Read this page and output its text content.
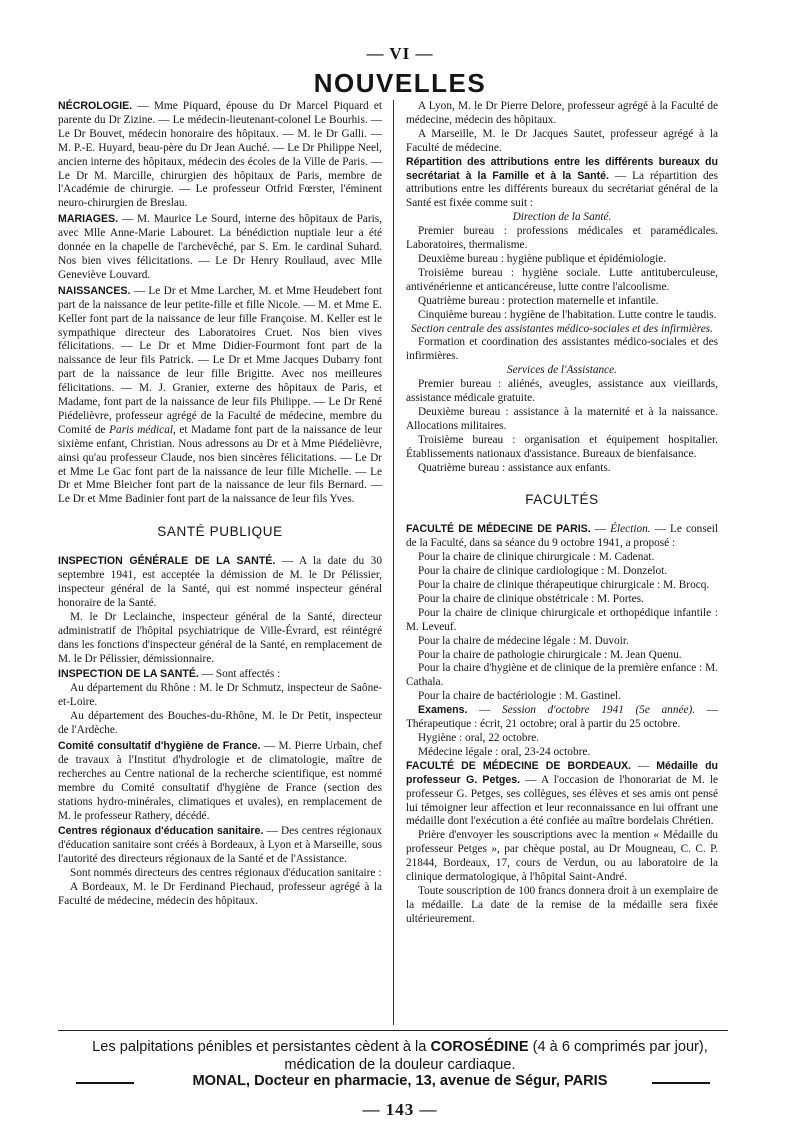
— VI —
NOUVELLES

NÉCROLOGIE. — Mme Piquard, épouse du Dr Marcel Piquard et parente du Dr Zizine. — Le médecin-lieutenant-colonel Le Bourhis. — Le Dr Bouvet, médecin honoraire des hôpitaux. — M. le Dr Galli. — M. P.-E. Huyard, beau-père du Dr Jean Auché. — Le Dr Philippe Neel, ancien interne des hôpitaux, médecin des écoles de la Ville de Paris. — Le Dr M. Marcille, chirurgien des hôpitaux de Paris, membre de l'Académie de chirurgie. — Le professeur Otfrid Fœrster, l'éminent neuro-chirurgien de Breslau.

MARIAGES. — M. Maurice Le Sourd, interne des hôpitaux de Paris, avec Mlle Anne-Marie Labouret. La bénédiction nuptiale leur a été donnée en la chapelle de l'archevêché, par S. Em. le cardinal Suhard. Nos bien vives félicitations. — Le Dr Henry Roullaud, avec Mlle Geneviève Louvard.

NAISSANCES. — Le Dr et Mme Larcher, M. et Mme Heudebert font part de la naissance de leur petite-fille et fille Nicole. — M. et Mme E. Keller font part de la naissance de leur fille Françoise. M. Keller est le sympathique directeur des Laboratoires Cruet. Nos bien vives félicitations. — Le Dr et Mme Didier-Fourmont font part de la naissance de leur fils Patrick. — Le Dr et Mme Jacques Dubarry font part de la naissance de leur fille Brigitte. Avec nos meilleures félicitations. — M. J. Granier, externe des hôpitaux de Paris, et Madame, font part de la naissance de leur fils Philippe. — Le Dr René Piédelièvre, professeur agrégé de la Faculté de médecine, membre du Comité de Paris médical, et Madame font part de la naissance de leur sixième enfant, Christian. Nous adressons au Dr et à Mme Piédelièvre, ainsi qu'au professeur Claude, nos bien sincères félicitations. — Le Dr et Mme Le Gac font part de la naissance de leur fille Michelle. — Le Dr et Mme Bleicher font part de la naissance de leur fils Bernard. — Le Dr et Mme Badinier font part de la naissance de leur fils Yves.

SANTÉ PUBLIQUE

INSPECTION GÉNÉRALE DE LA SANTÉ. — A la date du 30 septembre 1941, est acceptée la démission de M. le Dr Pélissier, inspecteur général de la Santé, qui est nommé inspecteur général honoraire de la Santé.

M. le Dr Leclainche, inspecteur général de la Santé, directeur administratif de l'hôpital psychiatrique de Ville-Évrard, est réintégré dans les fonctions d'inspecteur général de la Santé, en remplacement de M. le Dr Pélissier, démissionnaire.

INSPECTION DE LA SANTÉ. — Sont affectés :

Au département du Rhône : M. le Dr Schmutz, inspecteur de Saône-et-Loire.

Au département des Bouches-du-Rhône, M. le Dr Petit, inspecteur de l'Ardèche.

Comité consultatif d'hygiène de France. — M. Pierre Urbain, chef de travaux à l'Institut d'hydrologie et de climatologie, maître de recherches au Centre national de la recherche scientifique, est nommé membre du Comité consultatif d'hygiène de France (section des stations hydro-minérales, climatiques et uvales), en remplacement de M. le professeur Rathery, décédé.

Centres régionaux d'éducation sanitaire. — Des centres régionaux d'éducation sanitaire sont créés à Bordeaux, à Lyon et à Marseille, sous l'autorité des directeurs régionaux de la Santé et de l'Assistance.

Sont nommés directeurs des centres régionaux d'éducation sanitaire :

A Bordeaux, M. le Dr Ferdinand Piechaud, professeur agrégé à la Faculté de médecine, médecin des hôpitaux.

A Lyon, M. le Dr Pierre Delore, professeur agrégé à la Faculté de médecine, médecin des hôpitaux.

A Marseille, M. le Dr Jacques Sautet, professeur agrégé à la Faculté de médecine.

Répartition des attributions entre les différents bureaux du secrétariat à la Famille et à la Santé. — La répartition des attributions entre les différents bureaux du secrétariat général de la Santé est fixée comme suit :

Direction de la Santé.

Premier bureau : professions médicales et paramédicales. Laboratoires, thermalisme.

Deuxième bureau : hygiène publique et épidémiologie.

Troisième bureau : hygiène sociale. Lutte antituberculeuse, antivénérienne et anticancéreuse, lutte contre l'alcoolisme.

Quatrième bureau : protection maternelle et infantile.

Cinquième bureau : hygiène de l'habitation. Lutte contre le taudis.

Section centrale des assistantes médico-sociales et des infirmières.

Formation et coordination des assistantes médico-sociales et des infirmières.

Services de l'Assistance.

Premier bureau : aliénés, aveugles, assistance aux vieillards, assistance médicale gratuite.

Deuxième bureau : assistance à la maternité et à la naissance. Allocations militaires.

Troisième bureau : organisation et équipement hospitalier. Établissements nationaux d'assistance. Bureaux de bienfaisance.

Quatrième bureau : assistance aux enfants.

FACULTÉS

FACULTÉ DE MÉDECINE DE PARIS. — Élection. — Le conseil de la Faculté, dans sa séance du 9 octobre 1941, a proposé :

Pour la chaire de clinique chirurgicale : M. Cadenat.

Pour la chaire de clinique cardiologique : M. Donzelot.

Pour la chaire de clinique thérapeutique chirurgicale : M. Brocq.

Pour la chaire de clinique obstétricale : M. Portes.

Pour la chaire de clinique chirurgicale et orthopédique infantile : M. Leveuf.

Pour la chaire de médecine légale : M. Duvoir.

Pour la chaire de pathologie chirurgicale : M. Jean Quenu.

Pour la chaire d'hygiène et de clinique de la première enfance : M. Cathala.

Pour la chaire de bactériologie : M. Gastinel.

Examens. — Session d'octobre 1941 (5e année). — Thérapeutique : écrit, 21 octobre; oral à partir du 25 octobre.

Hygiène : oral, 22 octobre.

Médecine légale : oral, 23-24 octobre.

FACULTÉ DE MÉDECINE DE BORDEAUX. — Médaille du professeur G. Petges. — A l'occasion de l'honorariat de M. le professeur G. Petges, ses collègues, ses élèves et ses amis ont pensé lui témoigner leur affection et leur reconnaissance en lui offrant une médaille dont l'exécution a été confiée au maître bordelais Chrétien.

Prière d'envoyer les souscriptions avec la mention « Médaille du professeur Petges », par chèque postal, au Dr Mougneau, C. C. P. 21844, Bordeaux, 17, cours de Verdun, ou au laboratoire de la clinique dermatologique, à l'hôpital Saint-André.

Toute souscription de 100 francs donnera droit à un exemplaire de la médaille. La date de la remise de la médaille sera fixée ultérieurement.

Les palpitations pénibles et persistantes cèdent à la COROSÉDINE (4 à 6 comprimés par jour),
médication de la douleur cardiaque.
MONAL, Docteur en pharmacie, 13, avenue de Ségur, PARIS
— 143 —
